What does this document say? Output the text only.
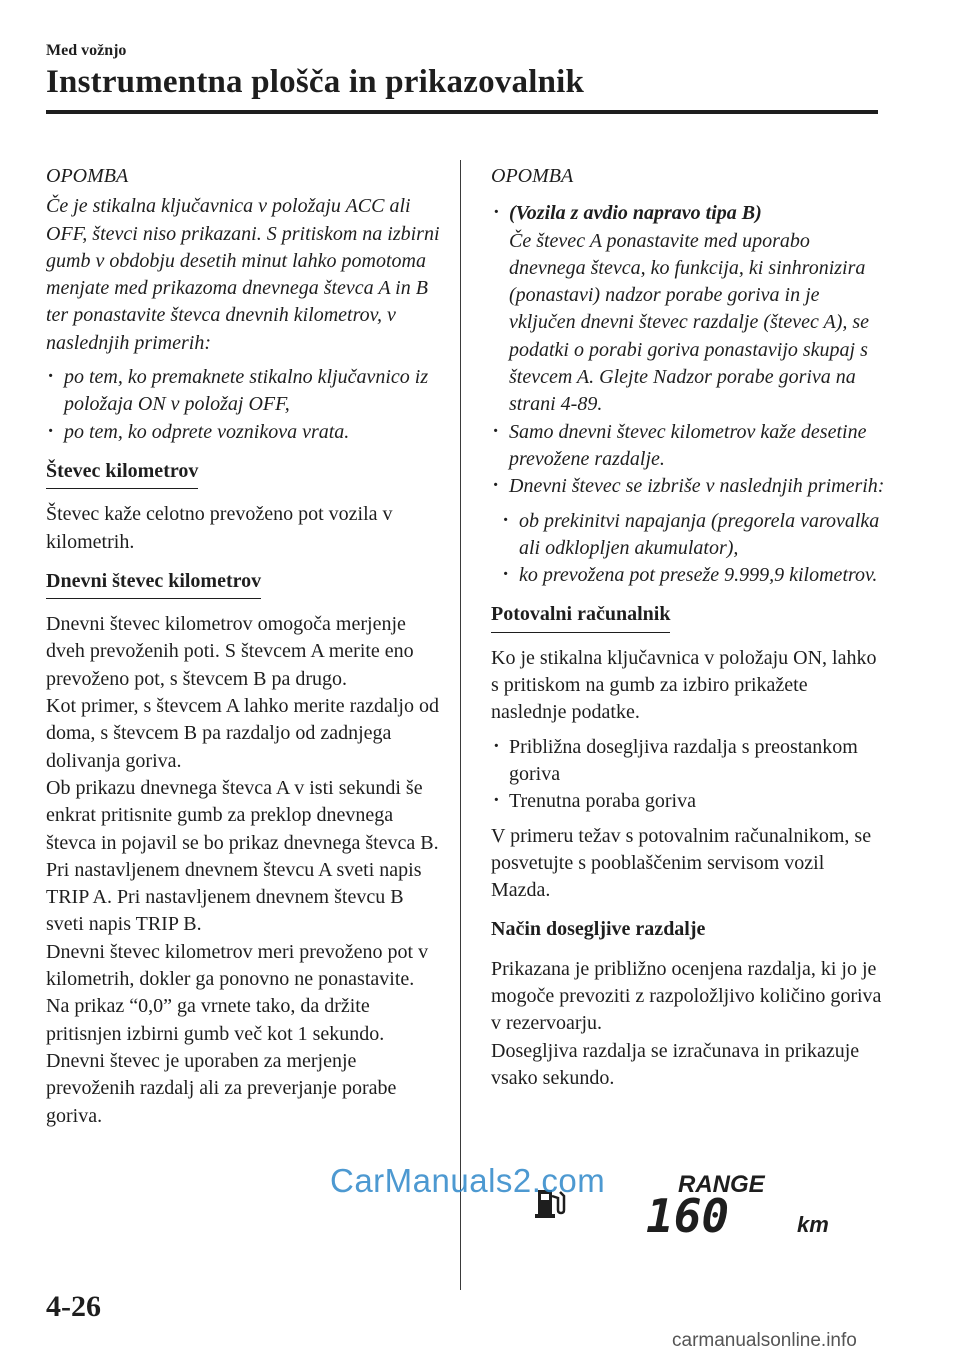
Med vožnjo
Instrumentna plošča in prikazovalnik

OPOMBA

Če je stikalna ključavnica v položaju ACC ali OFF, števci niso prikazani. S pritiskom na izbirni gumb v obdobju desetih minut lahko pomotoma menjate med prikazoma dnevnega števca A in B ter ponastavite števca dnevnih kilometrov, v naslednjih primerih:

· po tem, ko premaknete stikalno ključavnico iz položaja ON v položaj OFF,

· po tem, ko odprete voznikova vrata.

Števec kilometrov

Števec kaže celotno prevoženo pot vozila v kilometrih.

Dnevni števec kilometrov

Dnevni števec kilometrov omogoča merjenje dveh prevoženih poti. S števcem A merite eno prevoženo pot, s števcem B pa drugo.

Kot primer, s števcem A lahko merite razdaljo od doma, s števcem B pa razdaljo od zadnjega dolivanja goriva.

Ob prikazu dnevnega števca A v isti sekundi še enkrat pritisnite gumb za preklop dnevnega števca in pojavil se bo prikaz dnevnega števca B.

Pri nastavljenem dnevnem števcu A sveti napis TRIP A. Pri nastavljenem dnevnem števcu B sveti napis TRIP B.

Dnevni števec kilometrov meri prevoženo pot v kilometrih, dokler ga ponovno ne ponastavite. Na prikaz “0,0” ga vrnete tako, da držite pritisnjen izbirni gumb več kot 1 sekundo. Dnevni števec je uporaben za merjenje prevoženih razdalj ali za preverjanje porabe goriva.

OPOMBA

· (Vozila z avdio napravo tipa B)

Če števec A ponastavite med uporabo dnevnega števca, ko funkcija, ki sinhronizira (ponastavi) nadzor porabe goriva in je vključen dnevni števec razdalje (števec A), se podatki o porabi goriva ponastavijo skupaj s števcem A. Glejte Nadzor porabe goriva na strani 4-89.

· Samo dnevni števec kilometrov kaže desetine prevožene razdalje.

· Dnevni števec se izbriše v naslednjih primerih:

· ob prekinitvi napajanja (pregorela varovalka ali odklopljen akumulator),

· ko prevožena pot preseže 9.999,9 kilometrov.

Potovalni računalnik

Ko je stikalna ključavnica v položaju ON, lahko s pritiskom na gumb za izbiro prikažete naslednje podatke.

· Približna dosegljiva razdalja s preostankom goriva

· Trenutna poraba goriva

V primeru težav s potovalnim računalnikom, se posvetujte s pooblaščenim servisom vozil Mazda.

Način dosegljive razdalje

Prikazana je približno ocenjena razdalja, ki jo je mogoče prevoziti z razpoložljivo količino goriva v rezervoarju.

Dosegljiva razdalja se izračunava in prikazuje vsako sekundo.

RANGE
160	km
4-26
CarManuals2.com
carmanualsonline.info
